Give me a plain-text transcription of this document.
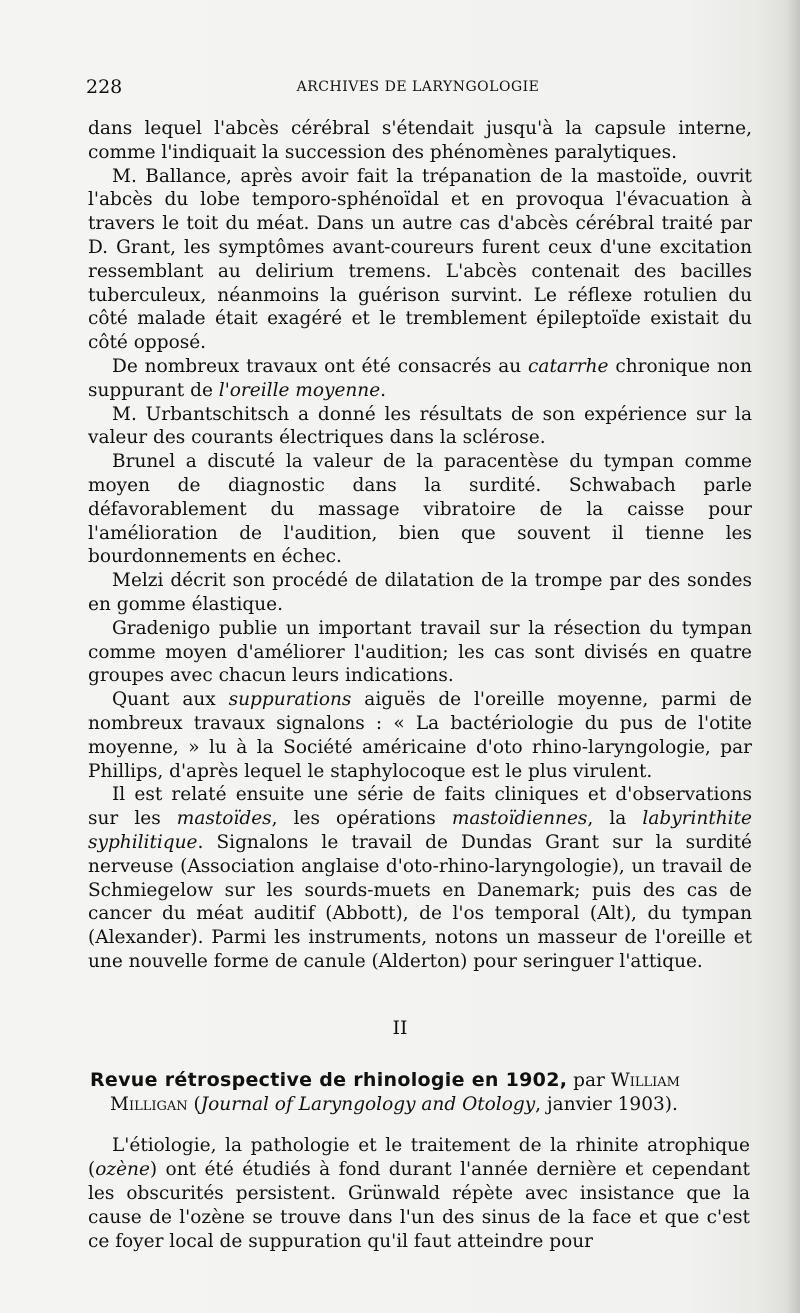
228	ARCHIVES DE LARYNGOLOGIE

dans lequel l'abcès cérébral s'étendait jusqu'à la capsule interne, comme l'indiquait la succession des phénomènes paralytiques.

M. Ballance, après avoir fait la trépanation de la mastoïde, ouvrit l'abcès du lobe temporo-sphénoïdal et en provoqua l'évacuation à travers le toit du méat. Dans un autre cas d'abcès cérébral traité par D. Grant, les symptômes avant-coureurs furent ceux d'une excitation ressemblant au delirium tremens. L'abcès contenait des bacilles tuberculeux, néanmoins la guérison survint. Le réflexe rotulien du côté malade était exagéré et le tremblement épileptoïde existait du côté opposé.

De nombreux travaux ont été consacrés au catarrhe chronique non suppurant de l'oreille moyenne.

M. Urbantschitsch a donné les résultats de son expérience sur la valeur des courants électriques dans la sclérose.

Brunel a discuté la valeur de la paracentèse du tympan comme moyen de diagnostic dans la surdité. Schwabach parle défavorablement du massage vibratoire de la caisse pour l'amélioration de l'audition, bien que souvent il tienne les bourdonnements en échec.

Melzi décrit son procédé de dilatation de la trompe par des sondes en gomme élastique.

Gradenigo publie un important travail sur la résection du tympan comme moyen d'améliorer l'audition; les cas sont divisés en quatre groupes avec chacun leurs indications.

Quant aux suppurations aiguës de l'oreille moyenne, parmi de nombreux travaux signalons : « La bactériologie du pus de l'otite moyenne, » lu à la Société américaine d'oto rhino-laryngologie, par Phillips, d'après lequel le staphylocoque est le plus virulent.

Il est relaté ensuite une série de faits cliniques et d'observations sur les mastoïdes, les opérations mastoïdiennes, la labyrinthite syphilitique. Signalons le travail de Dundas Grant sur la surdité nerveuse (Association anglaise d'oto-rhino-laryngologie), un travail de Schmiegelow sur les sourds-muets en Danemark; puis des cas de cancer du méat auditif (Abbott), de l'os temporal (Alt), du tympan (Alexander). Parmi les instruments, notons un masseur de l'oreille et une nouvelle forme de canule (Alderton) pour seringuer l'attique.

II

Revue rétrospective de rhinologie en 1902, par William
Milligan (Journal of Laryngology and Otology, janvier 1903).

L'étiologie, la pathologie et le traitement de la rhinite atrophique (ozène) ont été étudiés à fond durant l'année dernière et cependant les obscurités persistent. Grünwald répète avec insistance que la cause de l'ozène se trouve dans l'un des sinus de la face et que c'est ce foyer local de suppuration qu'il faut atteindre pour
